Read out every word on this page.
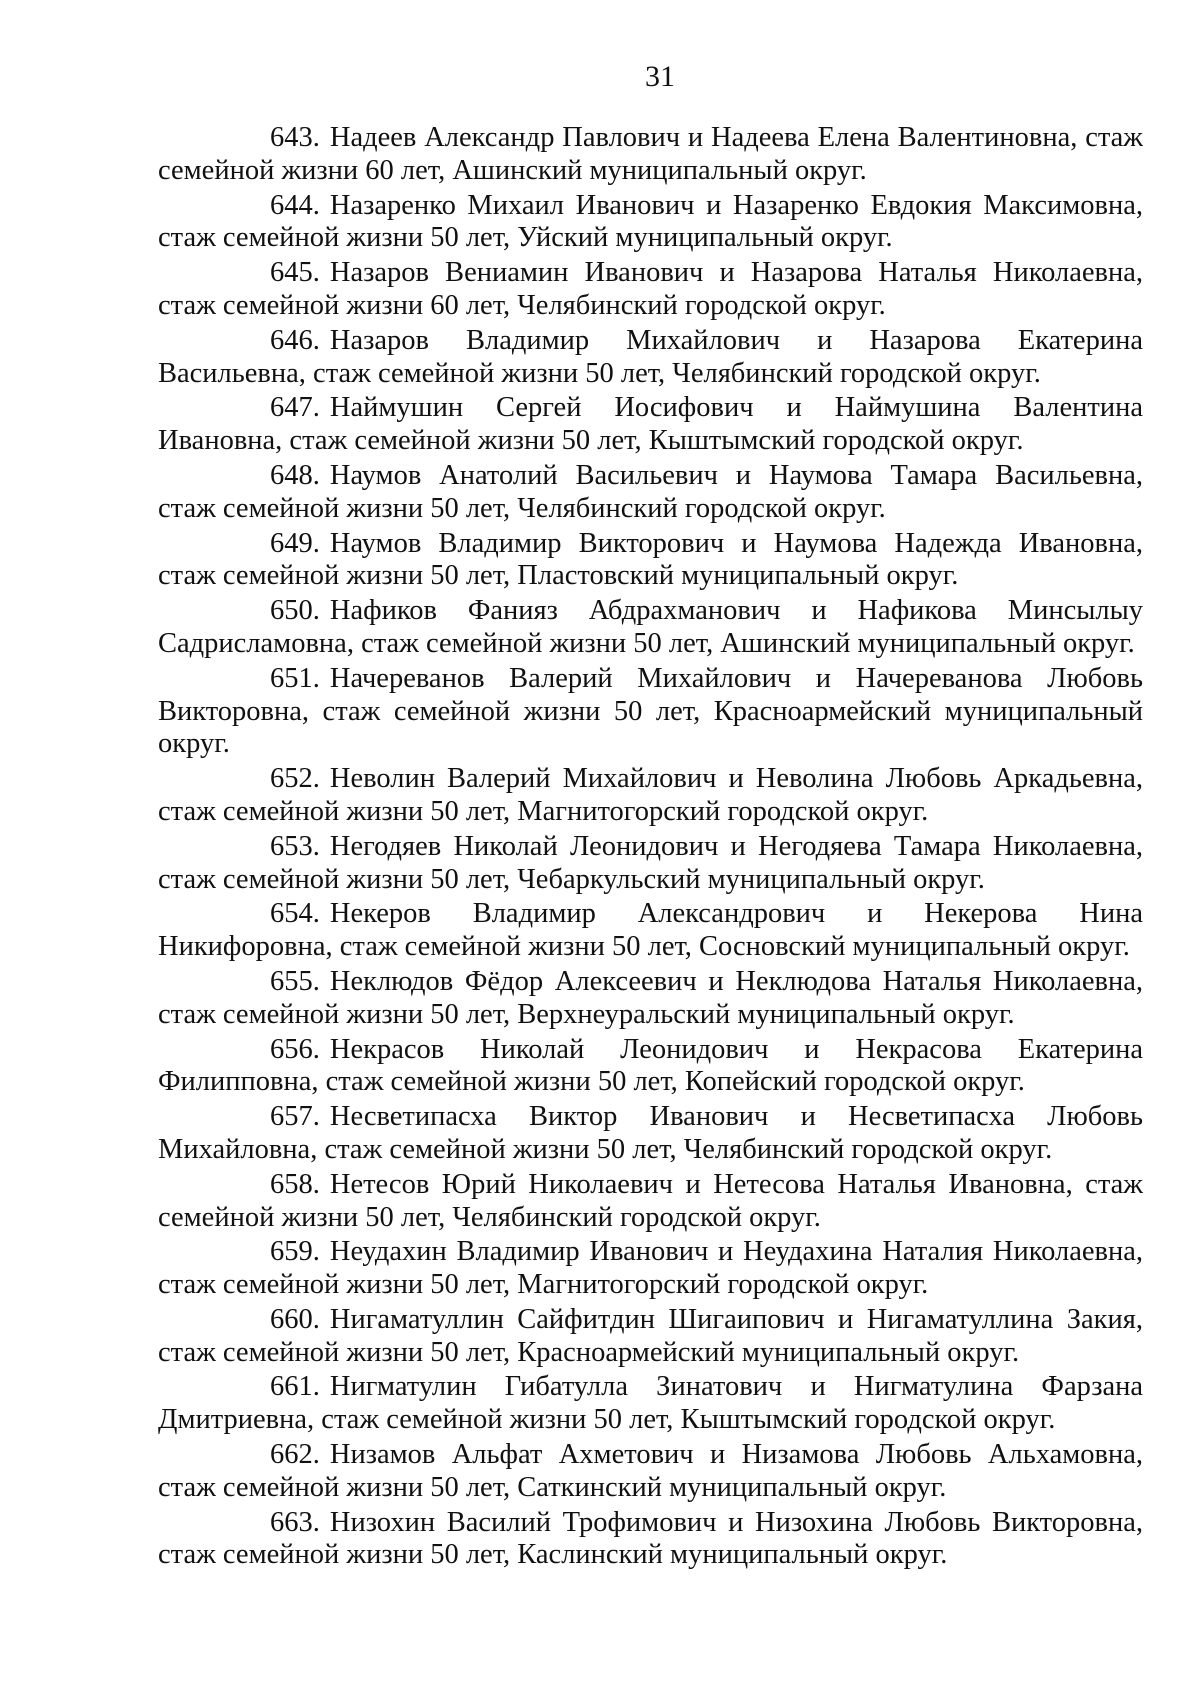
31

643. Надеев Александр Павлович и Надеева Елена Валентиновна, стаж семейной жизни 60 лет, Ашинский муниципальный округ.

644. Назаренко Михаил Иванович и Назаренко Евдокия Максимовна, стаж семейной жизни 50 лет, Уйский муниципальный округ.

645. Назаров Вениамин Иванович и Назарова Наталья Николаевна, стаж семейной жизни 60 лет, Челябинский городской округ.

646. Назаров Владимир Михайлович и Назарова Екатерина Васильевна, стаж семейной жизни 50 лет, Челябинский городской округ.

647. Наймушин Сергей Иосифович и Наймушина Валентина Ивановна, стаж семейной жизни 50 лет, Кыштымский городской округ.

648. Наумов Анатолий Васильевич и Наумова Тамара Васильевна, стаж семейной жизни 50 лет, Челябинский городской округ.

649. Наумов Владимир Викторович и Наумова Надежда Ивановна, стаж семейной жизни 50 лет, Пластовский муниципальный округ.

650. Нафиков Фанияз Абдрахманович и Нафикова Минсылыу Садрисламовна, стаж семейной жизни 50 лет, Ашинский муниципальный округ.

651. Начереванов Валерий Михайлович и Начереванова Любовь Викторовна, стаж семейной жизни 50 лет, Красноармейский муниципальный округ.

652. Неволин Валерий Михайлович и Неволина Любовь Аркадьевна, стаж семейной жизни 50 лет, Магнитогорский городской округ.

653. Негодяев Николай Леонидович и Негодяева Тамара Николаевна, стаж семейной жизни 50 лет, Чебаркульский муниципальный округ.

654. Некеров Владимир Александрович и Некерова Нина Никифоровна, стаж семейной жизни 50 лет, Сосновский муниципальный округ.

655. Неклюдов Фёдор Алексеевич и Неклюдова Наталья Николаевна, стаж семейной жизни 50 лет, Верхнеуральский муниципальный округ.

656. Некрасов Николай Леонидович и Некрасова Екатерина Филипповна, стаж семейной жизни 50 лет, Копейский городской округ.

657. Несветипасха Виктор Иванович и Несветипасха Любовь Михайловна, стаж семейной жизни 50 лет, Челябинский городской округ.

658. Нетесов Юрий Николаевич и Нетесова Наталья Ивановна, стаж семейной жизни 50 лет, Челябинский городской округ.

659. Неудахин Владимир Иванович и Неудахина Наталия Николаевна, стаж семейной жизни 50 лет, Магнитогорский городской округ.

660. Нигаматуллин Сайфитдин Шигаипович и Нигаматуллина Закия, стаж семейной жизни 50 лет, Красноармейский муниципальный округ.

661. Нигматулин Гибатулла Зинатович и Нигматулина Фарзана Дмитриевна, стаж семейной жизни 50 лет, Кыштымский городской округ.

662. Низамов Альфат Ахметович и Низамова Любовь Альхамовна, стаж семейной жизни 50 лет, Саткинский муниципальный округ.

663. Низохин Василий Трофимович и Низохина Любовь Викторовна, стаж семейной жизни 50 лет, Каслинский муниципальный округ.
